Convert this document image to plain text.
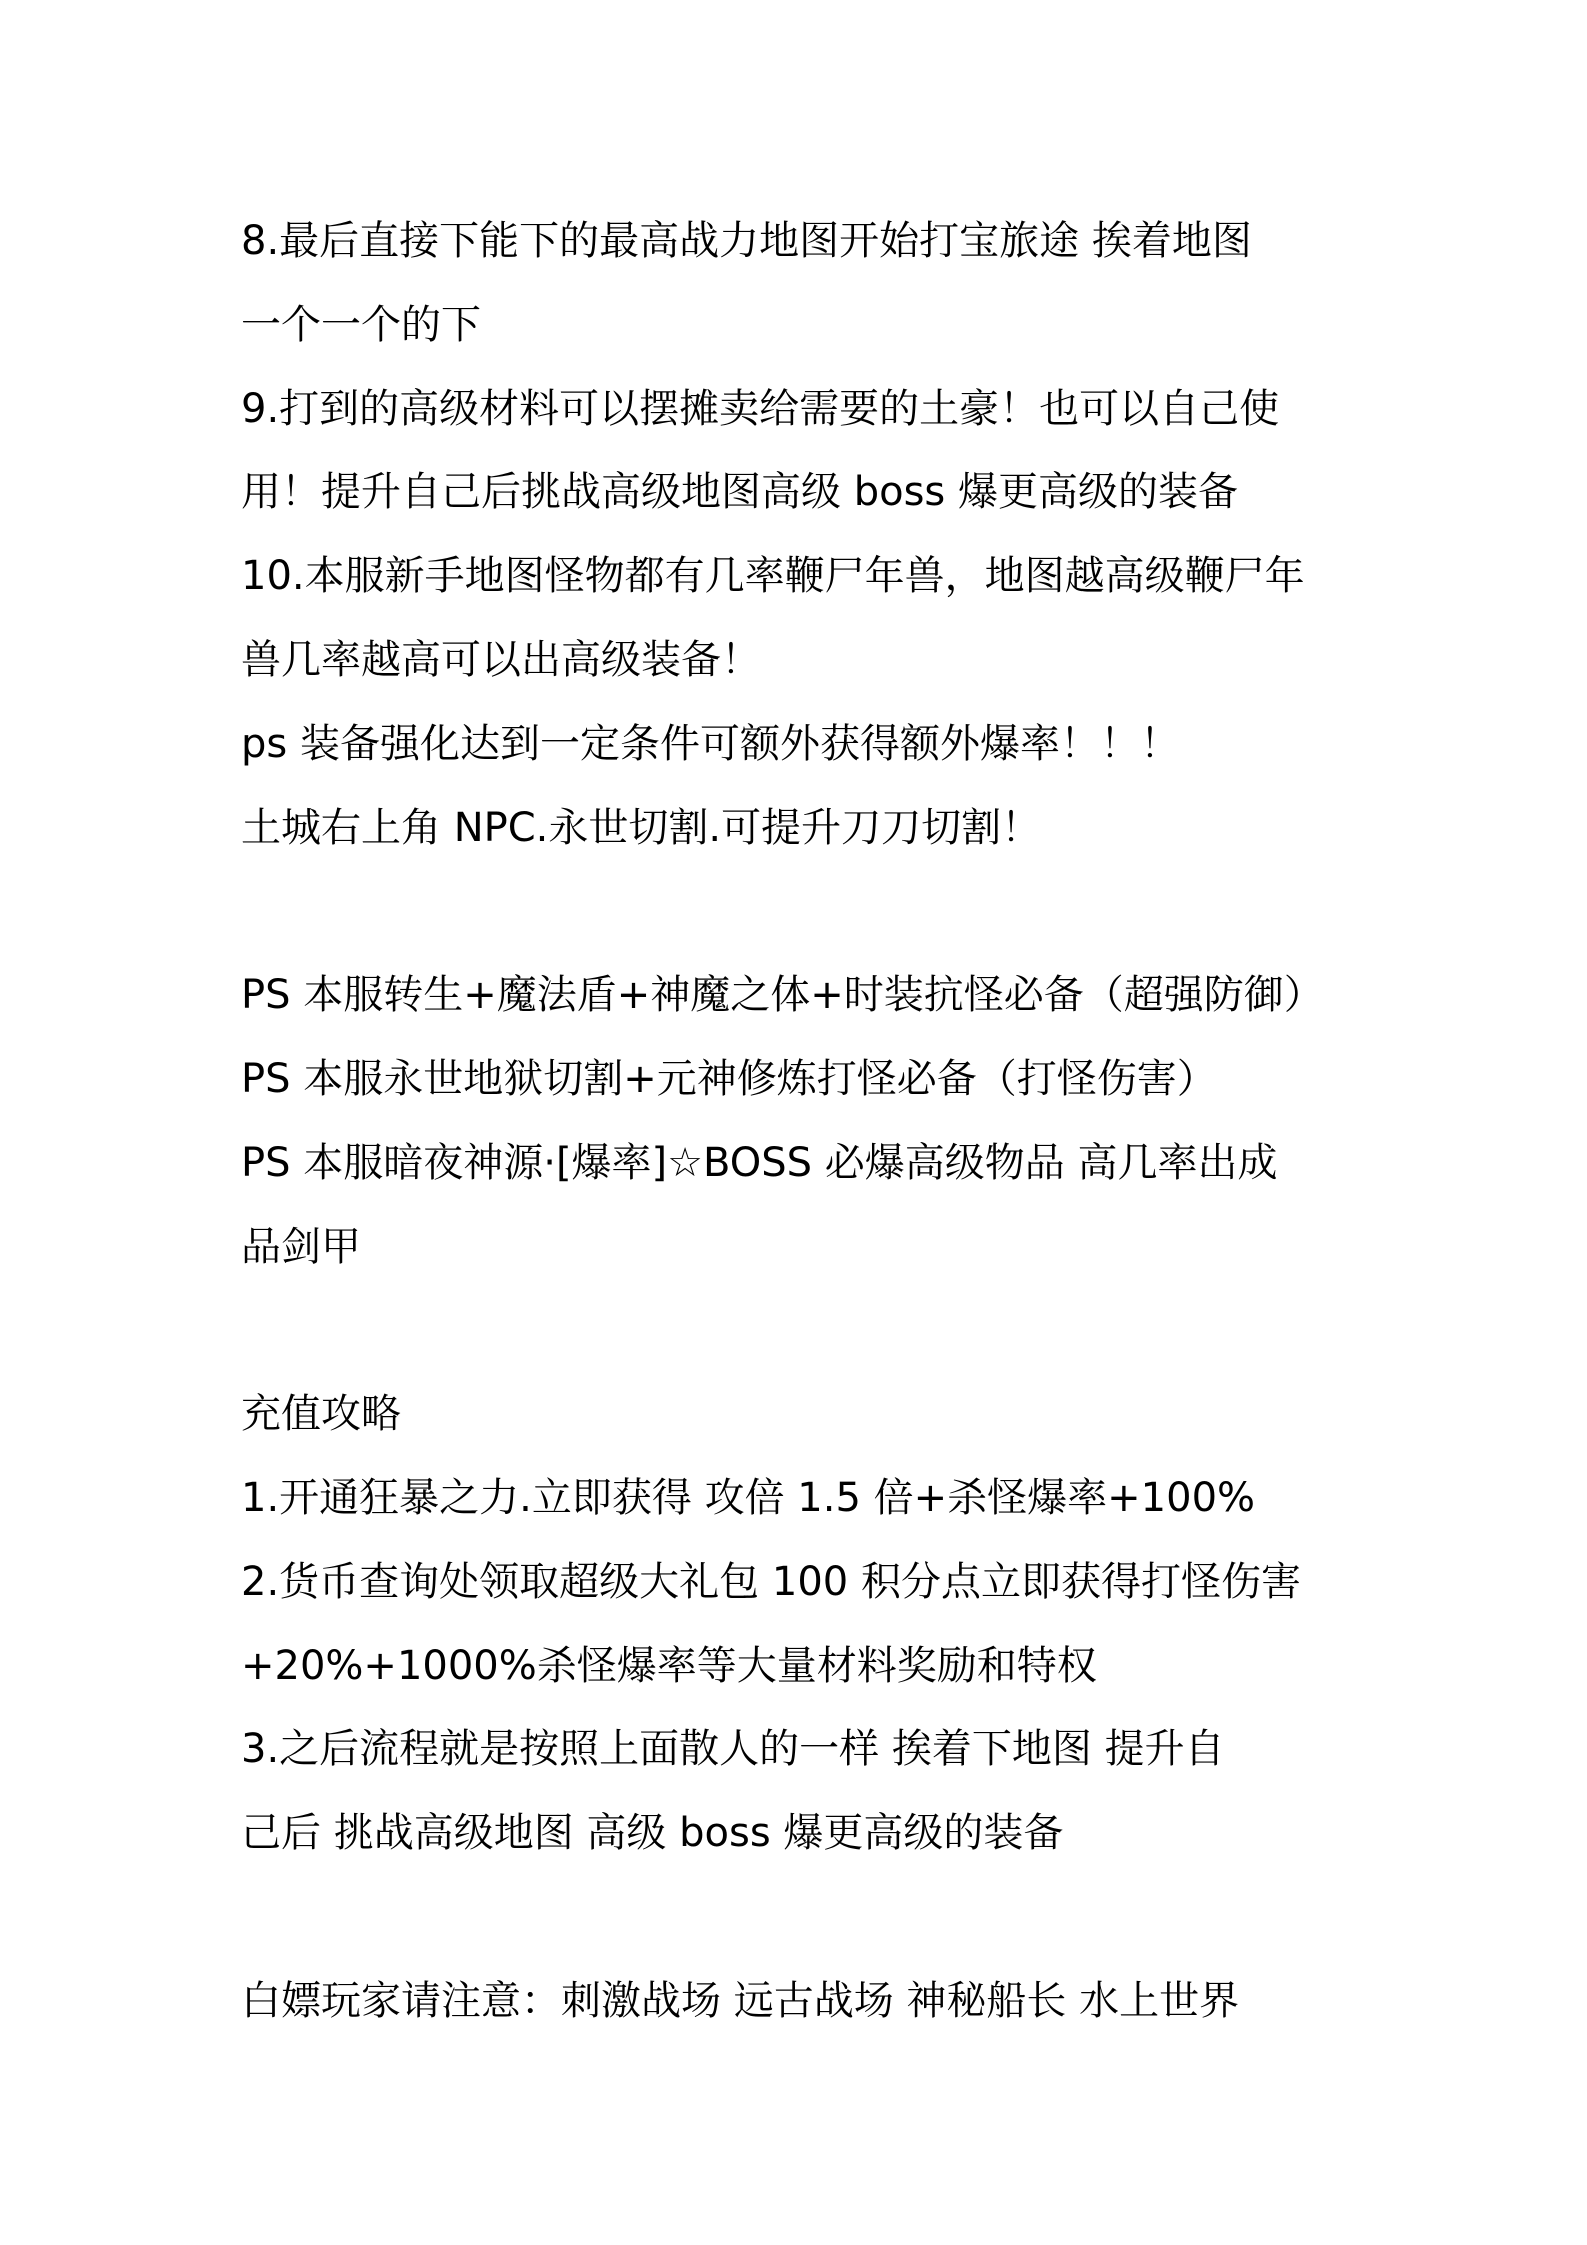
8.最后直接下能下的最高战力地图开始打宝旅途 挨着地图
一个一个的下
9.打到的高级材料可以摆摊卖给需要的土豪！也可以自己使
用！提升自己后挑战高级地图高级 boss 爆更高级的装备
10.本服新手地图怪物都有几率鞭尸年兽，地图越高级鞭尸年
兽几率越高可以出高级装备！
ps 装备强化达到一定条件可额外获得额外爆率！！！
土城右上角 NPC.永世切割.可提升刀刀切割！
PS 本服转生+魔法盾+神魔之体+时装抗怪必备（超强防御）
PS 本服永世地狱切割+元神修炼打怪必备（打怪伤害）
PS 本服暗夜神源·[爆率]☆BOSS 必爆高级物品 高几率出成
品剑甲
充值攻略
1.开通狂暴之力.立即获得 攻倍 1.5 倍+杀怪爆率+100%
2.货币查询处领取超级大礼包 100 积分点立即获得打怪伤害
+20%+1000%杀怪爆率等大量材料奖励和特权
3.之后流程就是按照上面散人的一样 挨着下地图 提升自
己后 挑战高级地图 高级 boss 爆更高级的装备
白嫖玩家请注意：刺激战场 远古战场 神秘船长 水上世界
